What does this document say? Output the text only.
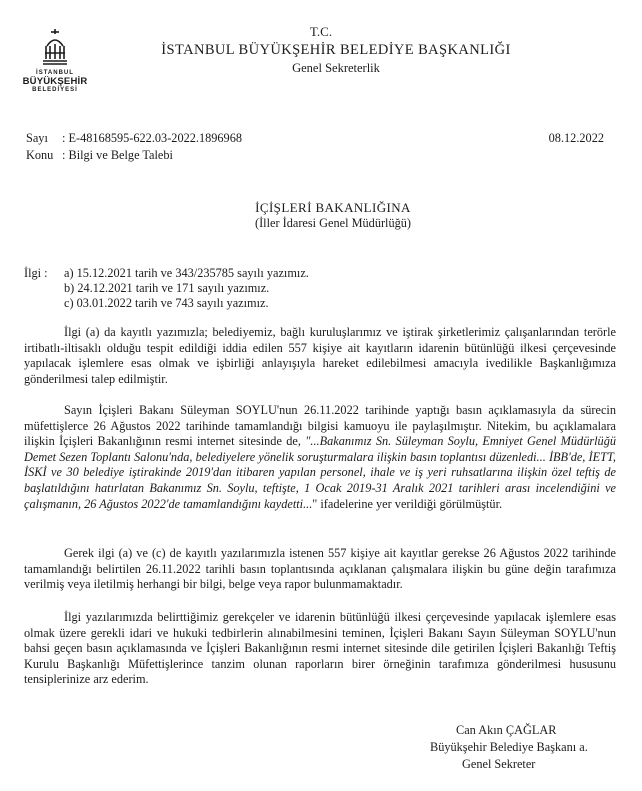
İSTANBUL
BÜYÜKŞEHİR
BELEDİYESİ
T.C.
İSTANBUL BÜYÜKŞEHİR BELEDİYE BAŞKANLIĞI
Genel Sekreterlik
Sayı	: E-48168595-622.03-2022.1896968
Konu : Bilgi ve Belge Talebi
08.12.2022
İÇİŞLERİ BAKANLIĞINA
(İller İdaresi Genel Müdürlüğü)
İlgi : a) 15.12.2021 tarih ve 343/235785 sayılı yazımız.
b) 24.12.2021 tarih ve 171 sayılı yazımız.
c) 03.01.2022 tarih ve 743 sayılı yazımız.

İlgi (a) da kayıtlı yazımızla; belediyemiz, bağlı kuruluşlarımız ve iştirak şirketlerimiz çalışanlarından terörle irtibatlı-iltisaklı olduğu tespit edildiği iddia edilen 557 kişiye ait kayıtların idarenin bütünlüğü ilkesi çerçevesinde yapılacak işlemlere esas olmak ve işbirliği anlayışıyla hareket edilebilmesi amacıyla ivedilikle Başkanlığımıza gönderilmesi talep edilmiştir.

Sayın İçişleri Bakanı Süleyman SOYLU'nun 26.11.2022 tarihinde yaptığı basın açıklamasıyla da sürecin müfettişlerce 26 Ağustos 2022 tarihinde tamamlandığı bilgisi kamuoyu ile paylaşılmıştır. Nitekim, bu açıklamalara ilişkin İçişleri Bakanlığının resmi internet sitesinde de, "...Bakanımız Sn. Süleyman Soylu, Emniyet Genel Müdürlüğü Demet Sezen Toplantı Salonu'nda, belediyelere yönelik soruşturmalara ilişkin basın toplantısı düzenledi... İBB'de, İETT, İSKİ ve 30 belediye iştirakinde 2019'dan itibaren yapılan personel, ihale ve iş yeri ruhsatlarına ilişkin özel teftiş de başlatıldığını hatırlatan Bakanımız Sn. Soylu, teftişte, 1 Ocak 2019-31 Aralık 2021 tarihleri arası incelendiğini ve çalışmanın, 26 Ağustos 2022'de tamamlandığını kaydetti..." ifadelerine yer verildiği görülmüştür.

Gerek ilgi (a) ve (c) de kayıtlı yazılarımızla istenen 557 kişiye ait kayıtlar gerekse 26 Ağustos 2022 tarihinde tamamlandığı belirtilen 26.11.2022 tarihli basın toplantısında açıklanan çalışmalara ilişkin bu güne değin tarafımıza verilmiş veya iletilmiş herhangi bir bilgi, belge veya rapor bulunmamaktadır.

İlgi yazılarımızda belirttiğimiz gerekçeler ve idarenin bütünlüğü ilkesi çerçevesinde yapılacak işlemlere esas olmak üzere gerekli idari ve hukuki tedbirlerin alınabilmesini teminen, İçişleri Bakanı Sayın Süleyman SOYLU'nun bahsi geçen basın açıklamasında ve İçişleri Bakanlığının resmi internet sitesinde dile getirilen İçişleri Bakanlığı Teftiş Kurulu Başkanlığı Müfettişlerince tanzim olunan raporların birer örneğinin tarafımıza gönderilmesi hususunu tensiplerinize arz ederim.

Can Akın ÇAĞLAR
Büyükşehir Belediye Başkanı a.
Genel Sekreter
